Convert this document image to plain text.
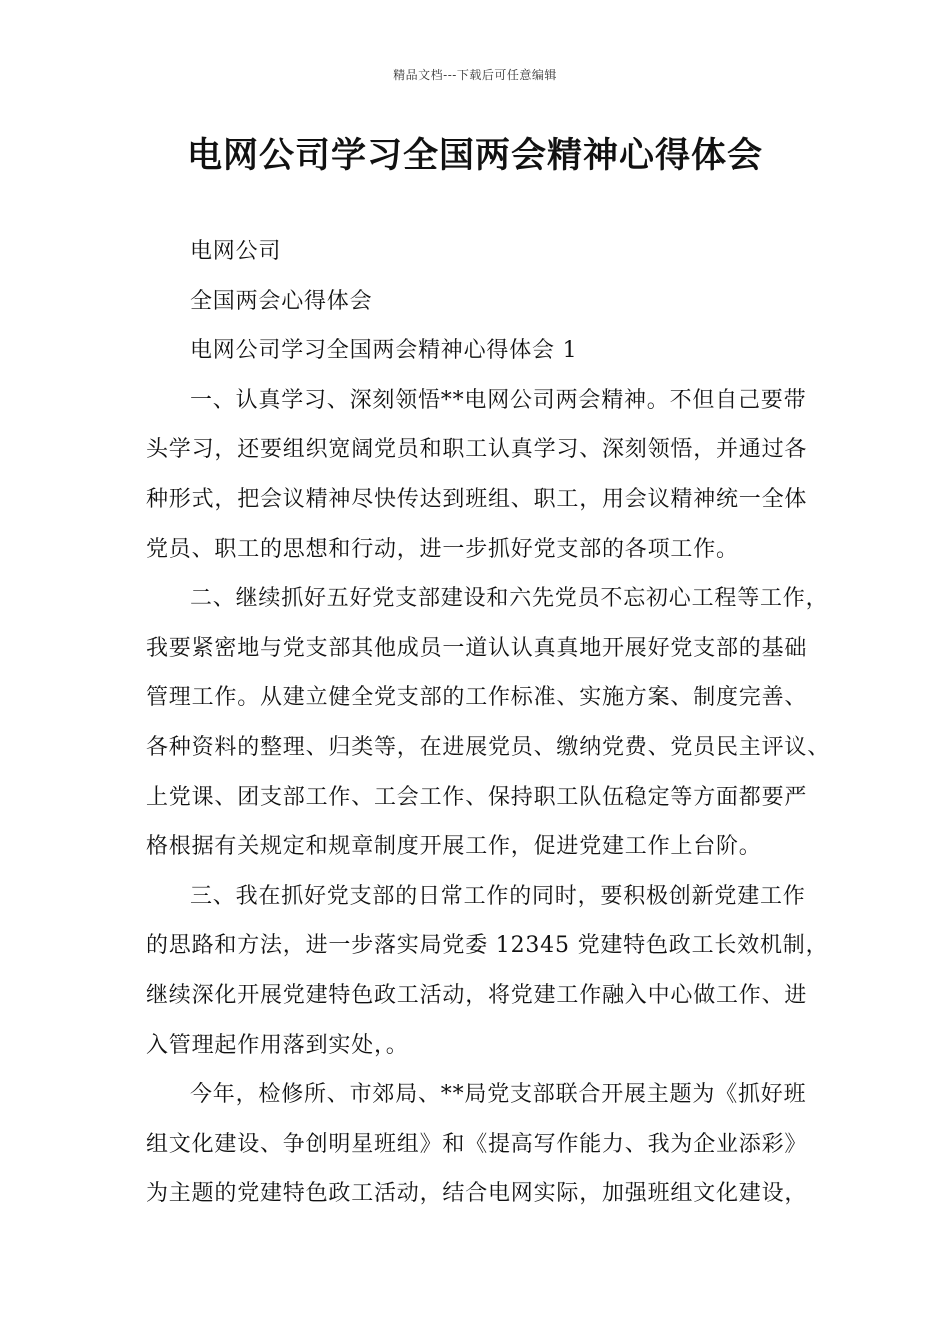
精品文档---下载后可任意编辑
电网公司学习全国两会精神心得体会
电网公司
全国两会心得体会
电网公司学习全国两会精神心得体会 1
一、认真学习、深刻领悟**电网公司两会精神。不但自己要带
头学习，还要组织宽阔党员和职工认真学习、深刻领悟，并通过各
种形式，把会议精神尽快传达到班组、职工，用会议精神统一全体
党员、职工的思想和行动，进一步抓好党支部的各项工作。
二、继续抓好五好党支部建设和六先党员不忘初心工程等工作，
我要紧密地与党支部其他成员一道认认真真地开展好党支部的基础
管理工作。从建立健全党支部的工作标准、实施方案、制度完善、
各种资料的整理、归类等，在进展党员、缴纳党费、党员民主评议、
上党课、团支部工作、工会工作、保持职工队伍稳定等方面都要严
格根据有关规定和规章制度开展工作，促进党建工作上台阶。
三、我在抓好党支部的日常工作的同时，要积极创新党建工作
的思路和方法，进一步落实局党委 12345 党建特色政工长效机制，
继续深化开展党建特色政工活动，将党建工作融入中心做工作、进
入管理起作用落到实处，。
今年，检修所、市郊局、**局党支部联合开展主题为《抓好班
组文化建设、争创明星班组》和《提高写作能力、我为企业添彩》
为主题的党建特色政工活动，结合电网实际，加强班组文化建设，
